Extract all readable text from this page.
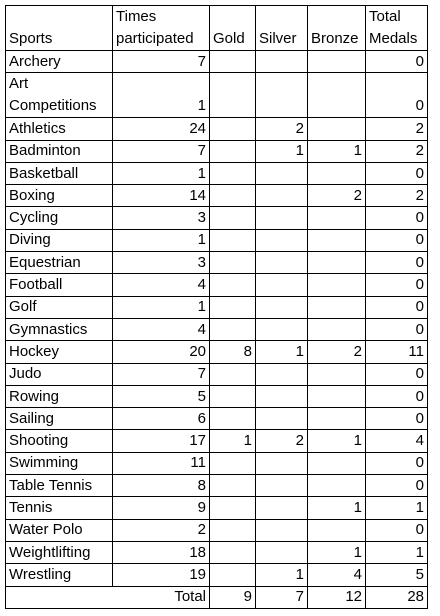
Sports	Times participated	Gold	Silver	Bronze	Total Medals
Archery	7				0
Art Competitions	1				0
Athletics	24		2		2
Badminton	7		1	1	2
Basketball	1				0
Boxing	14			2	2
Cycling	3				0
Diving	1				0
Equestrian	3				0
Football	4				0
Golf	1				0
Gymnastics	4				0
Hockey	20	8	1	2	11
Judo	7				0
Rowing	5				0
Sailing	6				0
Shooting	17	1	2	1	4
Swimming	11				0
Table Tennis	8				0
Tennis	9			1	1
Water Polo	2				0
Weightlifting	18			1	1
Wrestling	19		1	4	5
Total		9	7	12	28
